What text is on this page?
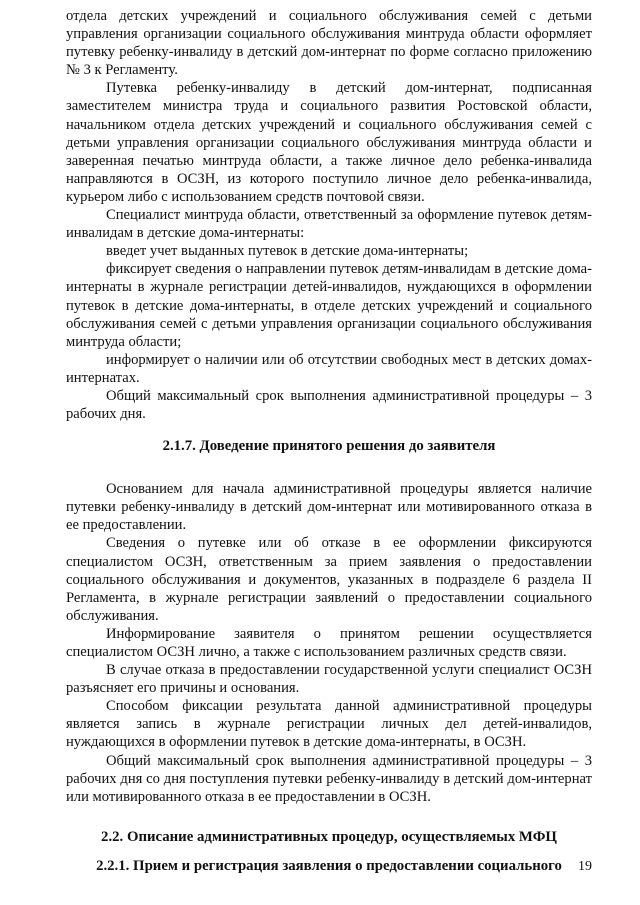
отдела детских учреждений и социального обслуживания семей с детьми управления организации социального обслуживания минтруда области оформляет путевку ребенку-инвалиду в детский дом-интернат по форме согласно приложению № 3 к Регламенту.

Путевка ребенку-инвалиду в детский дом-интернат, подписанная заместителем министра труда и социального развития Ростовской области, начальником отдела детских учреждений и социального обслуживания семей с детьми управления организации социального обслуживания минтруда области и заверенная печатью минтруда области, а также личное дело ребенка-инвалида направляются в ОСЗН, из которого поступило личное дело ребенка-инвалида, курьером либо с использованием средств почтовой связи.

Специалист минтруда области, ответственный за оформление путевок детям-инвалидам в детские дома-интернаты:

введет учет выданных путевок в детские дома-интернаты;

фиксирует сведения о направлении путевок детям-инвалидам в детские дома-интернаты в журнале регистрации детей-инвалидов, нуждающихся в оформлении путевок в детские дома-интернаты, в отделе детских учреждений и социального обслуживания семей с детьми управления организации социального обслуживания минтруда области;

информирует о наличии или об отсутствии свободных мест в детских домах-интернатах.

Общий максимальный срок выполнения административной процедуры – 3 рабочих дня.

2.1.7. Доведение принятого решения до заявителя

Основанием для начала административной процедуры является наличие путевки ребенку-инвалиду в детский дом-интернат или мотивированного отказа в ее предоставлении.

Сведения о путевке или об отказе в ее оформлении фиксируются специалистом ОСЗН, ответственным за прием заявления о предоставлении социального обслуживания и документов, указанных в подразделе 6 раздела II Регламента, в журнале регистрации заявлений о предоставлении социального обслуживания.

Информирование заявителя о принятом решении осуществляется специалистом ОСЗН лично, а также с использованием различных средств связи.

В случае отказа в предоставлении государственной услуги специалист ОСЗН разъясняет его причины и основания.

Способом фиксации результата данной административной процедуры является запись в журнале регистрации личных дел детей-инвалидов, нуждающихся в оформлении путевок в детские дома-интернаты, в ОСЗН.

Общий максимальный срок выполнения административной процедуры – 3 рабочих дня со дня поступления путевки ребенку-инвалиду в детский дом-интернат или мотивированного отказа в ее предоставлении в ОСЗН.

2.2. Описание административных процедур, осуществляемых МФЦ
2.2.1. Прием и регистрация заявления о предоставлении социального	19
